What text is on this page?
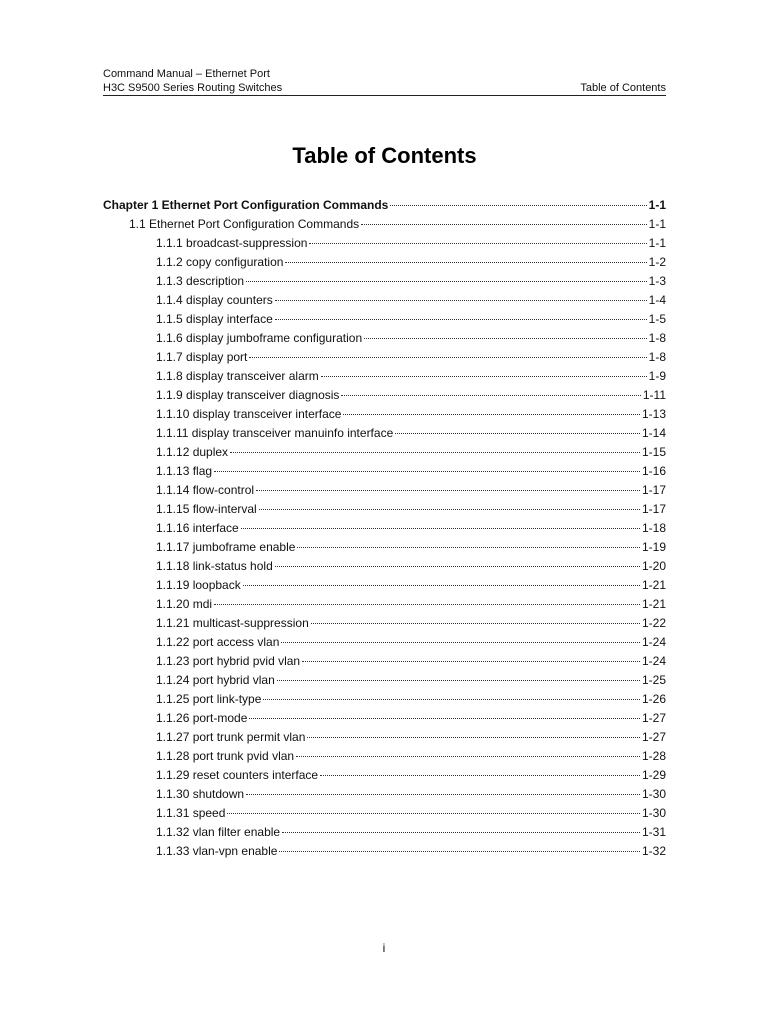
Command Manual – Ethernet Port
H3C S9500 Series Routing Switches	Table of Contents
Table of Contents
Chapter 1 Ethernet Port Configuration Commands	1-1
1.1 Ethernet Port Configuration Commands	1-1
1.1.1 broadcast-suppression	1-1
1.1.2 copy configuration	1-2
1.1.3 description	1-3
1.1.4 display counters	1-4
1.1.5 display interface	1-5
1.1.6 display jumboframe configuration	1-8
1.1.7 display port	1-8
1.1.8 display transceiver alarm	1-9
1.1.9 display transceiver diagnosis	1-11
1.1.10 display transceiver interface	1-13
1.1.11 display transceiver manuinfo interface	1-14
1.1.12 duplex	1-15
1.1.13 flag	1-16
1.1.14 flow-control	1-17
1.1.15 flow-interval	1-17
1.1.16 interface	1-18
1.1.17 jumboframe enable	1-19
1.1.18 link-status hold	1-20
1.1.19 loopback	1-21
1.1.20 mdi	1-21
1.1.21 multicast-suppression	1-22
1.1.22 port access vlan	1-24
1.1.23 port hybrid pvid vlan	1-24
1.1.24 port hybrid vlan	1-25
1.1.25 port link-type	1-26
1.1.26 port-mode	1-27
1.1.27 port trunk permit vlan	1-27
1.1.28 port trunk pvid vlan	1-28
1.1.29 reset counters interface	1-29
1.1.30 shutdown	1-30
1.1.31 speed	1-30
1.1.32 vlan filter enable	1-31
1.1.33 vlan-vpn enable	1-32
i
